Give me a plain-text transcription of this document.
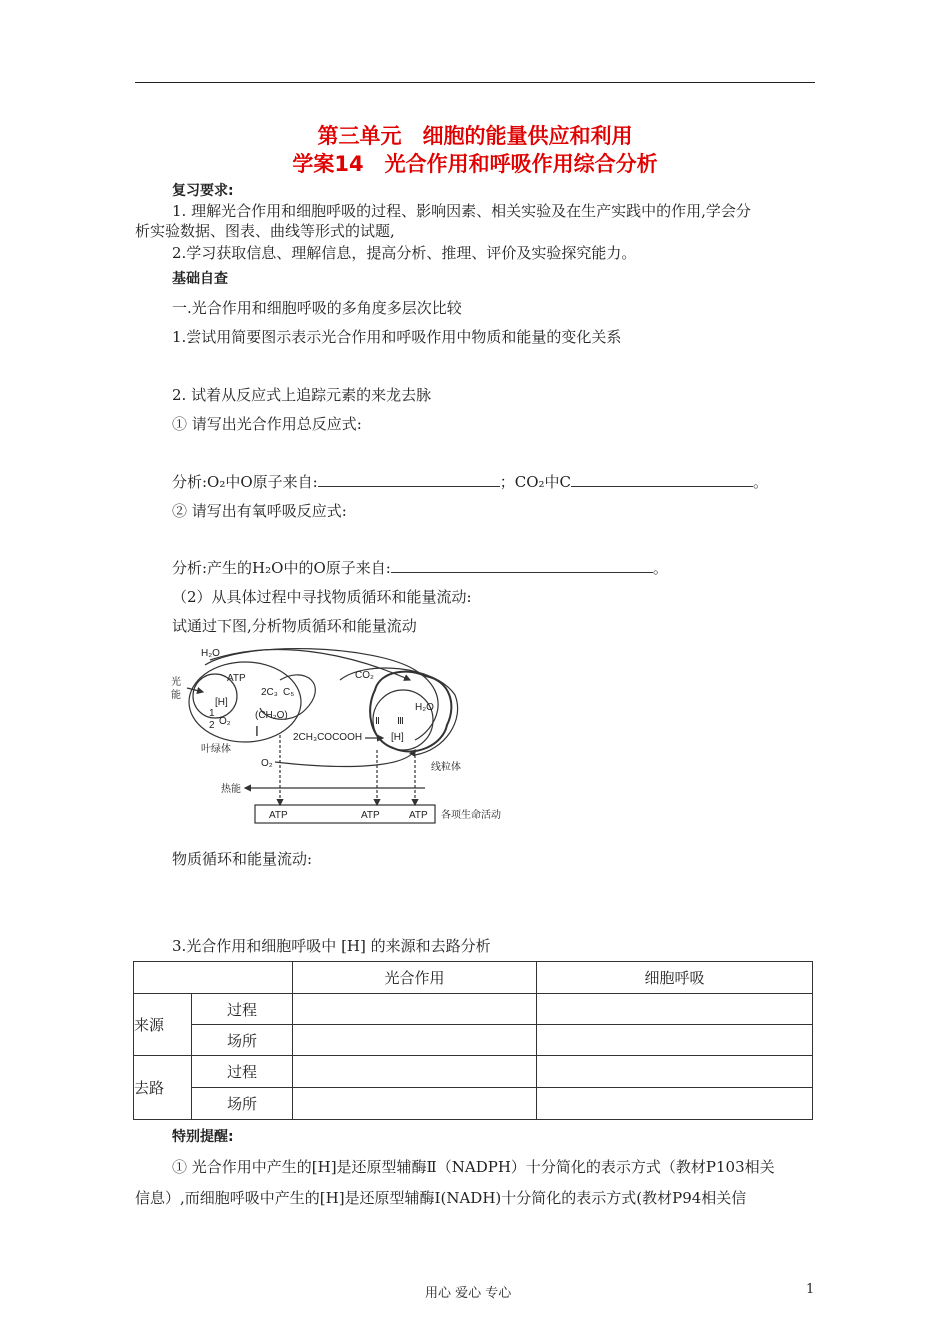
第三单元　细胞的能量供应和利用
学案14　光合作用和呼吸作用综合分析
复习要求:
1. 理解光合作用和细胞呼吸的过程、影响因素、相关实验及在生产实践中的作用,学会分
析实验数据、图表、曲线等形式的试题,
2.学习获取信息、理解信息，提高分析、推理、评价及实验探究能力。
基础自查
一.光合作用和细胞呼吸的多角度多层次比较
1.尝试用简要图示表示光合作用和呼吸作用中物质和能量的变化关系
2. 试着从反应式上追踪元素的来龙去脉
① 请写出光合作用总反应式:
分析:O₂中O原子来自:	；CO₂中C	。
② 请写出有氧呼吸反应式:
分析:产生的H₂O中的O原子来自:	。
（2）从具体过程中寻找物质循环和能量流动:
试通过下图,分析物质循环和能量流动
H₂O
CO₂
光
能
ATP
2C₃ C₅
[H]
(CH₂O)
1
2 O₂
Ⅰ
叶绿体
2CH₃COCOOH
Ⅱ Ⅲ
H₂O
[H]
O₂	线粒体
热能
ATP	ATP	ATP 各项生命活动
物质循环和能量流动:
3.光合作用和细胞呼吸中 [H] 的来源和去路分析
		光合作用	细胞呼吸
来源	过程		
	场所		
去路	过程		
	场所		
特别提醒:
① 光合作用中产生的[H]是还原型辅酶Ⅱ（NADPH）十分简化的表示方式（教材P103相关
信息）,而细胞呼吸中产生的[H]是还原型辅酶Ⅰ(NADH)十分简化的表示方式(教材P94相关信
用心 爱心 专心	1
